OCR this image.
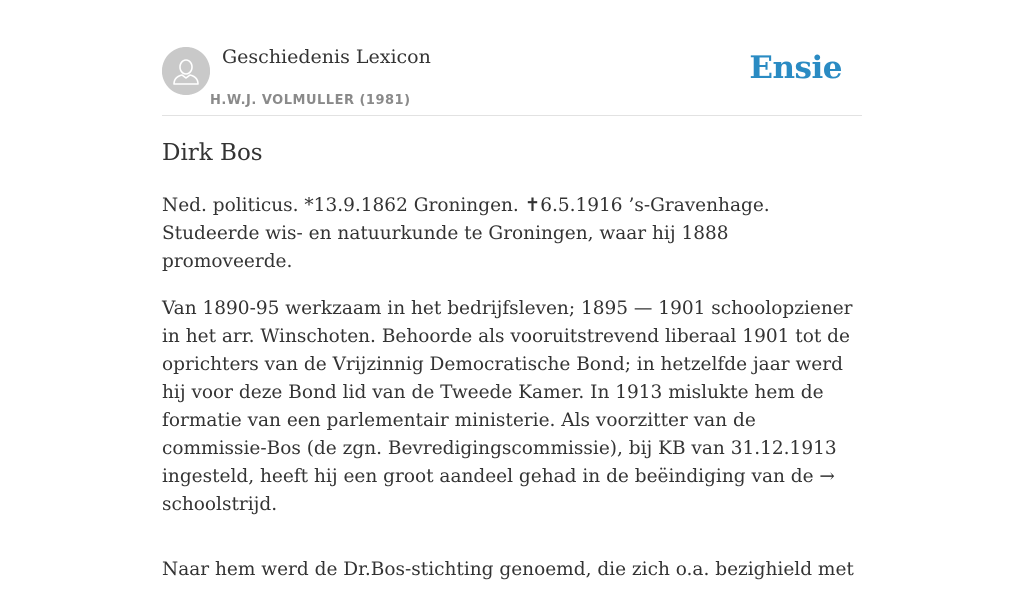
Geschiedenis Lexicon
H.W.J. VOLMULLER (1981)
Ensie
Dirk Bos

Ned. politicus. *13.9.1862 Groningen. ✝6.5.1916 ’s-Gravenhage. Studeerde wis- en natuurkunde te Groningen, waar hij 1888 promoveerde.

Van 1890-95 werkzaam in het bedrijfsleven; 1895 — 1901 schoolopziener in het arr. Winschoten. Behoorde als vooruitstrevend liberaal 1901 tot de oprichters van de Vrijzinnig Democratische Bond; in hetzelfde jaar werd hij voor deze Bond lid van de Tweede Kamer. In 1913 mislukte hem de formatie van een parlementair ministerie. Als voorzitter van de commissie-Bos (de zgn. Bevredigingscommissie), bij KB van 31.12.1913 ingesteld, heeft hij een groot aandeel gehad in de beëindiging van de → schoolstrijd.

Naar hem werd de Dr.Bos-stichting genoemd, die zich o.a. bezighield met
